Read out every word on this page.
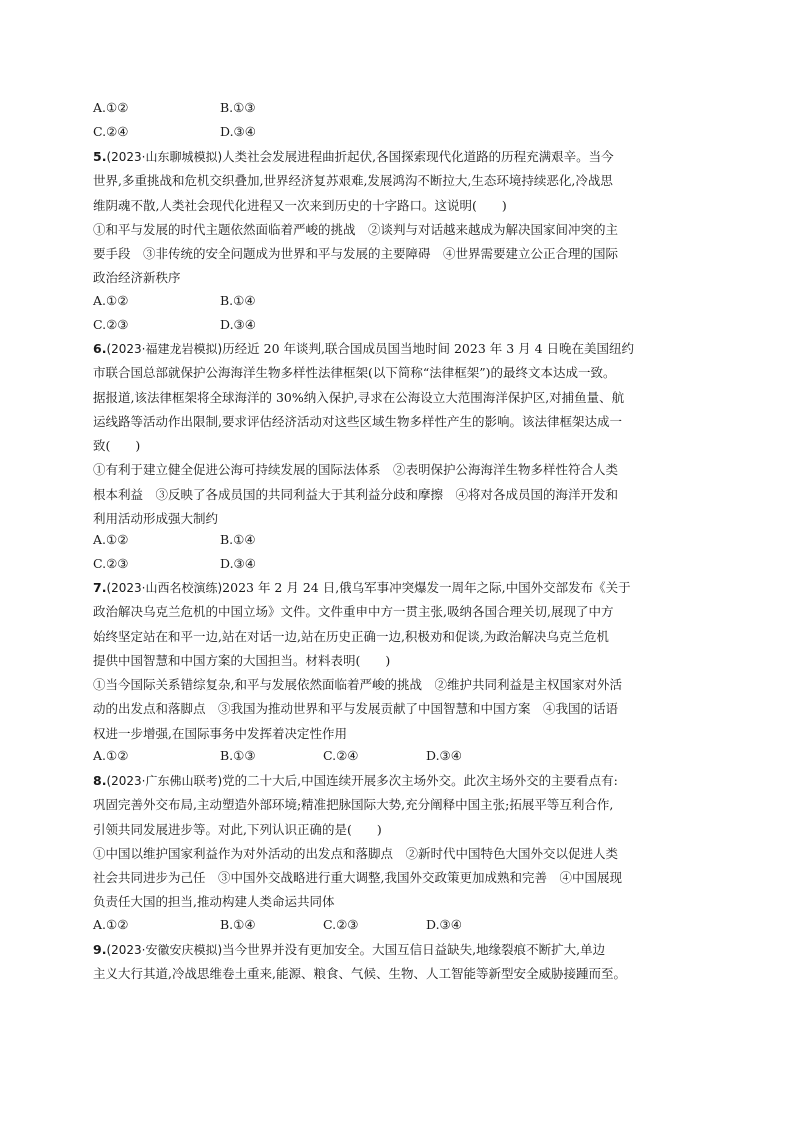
A.①②	B.①③
C.②④	D.③④
5.(2023·山东聊城模拟)人类社会发展进程曲折起伏,各国探索现代化道路的历程充满艰辛。当今
世界,多重挑战和危机交织叠加,世界经济复苏艰难,发展鸿沟不断拉大,生态环境持续恶化,冷战思
维阴魂不散,人类社会现代化进程又一次来到历史的十字路口。这说明(　　)
①和平与发展的时代主题依然面临着严峻的挑战　②谈判与对话越来越成为解决国家间冲突的主
要手段　③非传统的安全问题成为世界和平与发展的主要障碍　④世界需要建立公正合理的国际
政治经济新秩序
A.①②	B.①④
C.②③	D.③④
6.(2023·福建龙岩模拟)历经近 20 年谈判,联合国成员国当地时间 2023 年 3 月 4 日晚在美国纽约
市联合国总部就保护公海海洋生物多样性法律框架(以下简称“法律框架”)的最终文本达成一致。
据报道,该法律框架将全球海洋的 30%纳入保护,寻求在公海设立大范围海洋保护区,对捕鱼量、航
运线路等活动作出限制,要求评估经济活动对这些区域生物多样性产生的影响。该法律框架达成一
致(　　)
①有利于建立健全促进公海可持续发展的国际法体系　②表明保护公海海洋生物多样性符合人类
根本利益　③反映了各成员国的共同利益大于其利益分歧和摩擦　④将对各成员国的海洋开发和
利用活动形成强大制约
A.①②	B.①④
C.②③	D.③④
7.(2023·山西名校演练)2023 年 2 月 24 日,俄乌军事冲突爆发一周年之际,中国外交部发布《关于
政治解决乌克兰危机的中国立场》文件。文件重申中方一贯主张,吸纳各国合理关切,展现了中方
始终坚定站在和平一边,站在对话一边,站在历史正确一边,积极劝和促谈,为政治解决乌克兰危机
提供中国智慧和中国方案的大国担当。材料表明(　　)
①当今国际关系错综复杂,和平与发展依然面临着严峻的挑战　②维护共同利益是主权国家对外活
动的出发点和落脚点　③我国为推动世界和平与发展贡献了中国智慧和中国方案　④我国的话语
权进一步增强,在国际事务中发挥着决定性作用
A.①②	B.①③	C.②④	D.③④
8.(2023·广东佛山联考)党的二十大后,中国连续开展多次主场外交。此次主场外交的主要看点有:
巩固完善外交布局,主动塑造外部环境;精准把脉国际大势,充分阐释中国主张;拓展平等互利合作,
引领共同发展进步等。对此,下列认识正确的是(　　)
①中国以维护国家利益作为对外活动的出发点和落脚点　②新时代中国特色大国外交以促进人类
社会共同进步为己任　③中国外交战略进行重大调整,我国外交政策更加成熟和完善　④中国展现
负责任大国的担当,推动构建人类命运共同体
A.①②	B.①④	C.②③	D.③④
9.(2023·安徽安庆模拟)当今世界并没有更加安全。大国互信日益缺失,地缘裂痕不断扩大,单边
主义大行其道,冷战思维卷土重来,能源、粮食、气候、生物、人工智能等新型安全威胁接踵而至。
